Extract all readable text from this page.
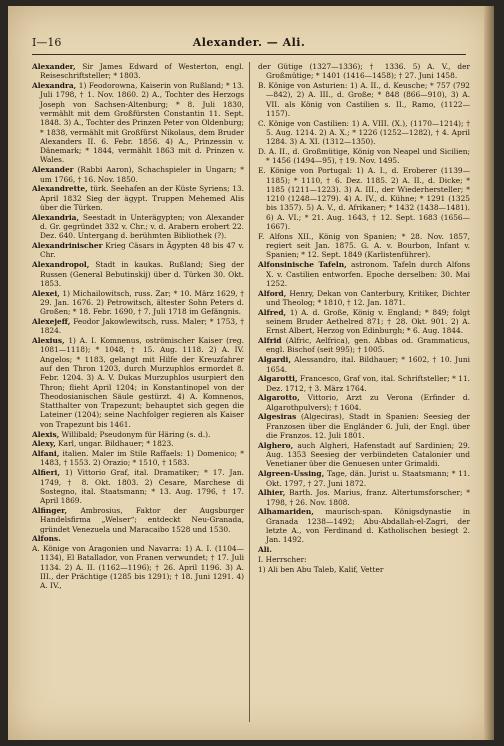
I—16	Alexander. — Ali.

Alexander, Sir James Edward of Westerton, engl. Reiseschriftsteller; * 1803.

Alexandra, 1) Feodorowna, Kaiserin von Rußland; * 13. Juli 1798, † 1. Nov. 1860. 2) A., Tochter des Herzogs Joseph von Sachsen-Altenburg; * 8. Juli 1830, vermählt mit dem Großfürsten Constantin 11. Sept. 1848. 3) A., Tochter des Prinzen Peter von Oldenburg; * 1838, vermählt mit Großfürst Nikolaus, dem Bruder Alexanders II. 6. Febr. 1856. 4) A., Prinzessin v. Dänemark; * 1844, vermählt 1863 mit d. Prinzen v. Wales.

Alexander (Rabbi Aaron), Schachspieler in Ungarn; * um 1766, † 16. Nov. 1850.

Alexandrette, türk. Seehafen an der Küste Syriens; 13. April 1832 Sieg der ägypt. Truppen Mehemed Alis über die Türken.

Alexandria, Seestadt in Unterägypten; von Alexander d. Gr. gegründet 332 v. Chr.; v. d. Arabern erobert 22. Dez. 640. Untergang d. berühmten Bibliothek (?).

Alexandrinischer Krieg Cäsars in Ägypten 48 bis 47 v. Chr.

Alexandropol, Stadt in kaukas. Rußland; Sieg der Russen (General Bebutinskij) über d. Türken 30. Okt. 1853.

Alexei, 1) Michailowitsch, russ. Zar; * 10. März 1629, † 29. Jan. 1676. 2) Petrowitsch, ältester Sohn Peters d. Großen; * 18. Febr. 1690, † 7. Juli 1718 im Gefängnis.

Alexejeff, Feodor Jakowlewitsch, russ. Maler; * 1753, † 1824.

Alexius, 1) A. I. Komnenus, oströmischer Kaiser (reg. 1081—1118); * 1048, † 15. Aug. 1118. 2) A. IV. Angelos; * 1183, gelangt mit Hilfe der Kreuzfahrer auf den Thron 1203, durch Murzuphlos ermordet 8. Febr. 1204. 3) A. V. Dukas Murzuphlos usurpiert den Thron; flieht April 1204; in Konstantinopel von der Theodosianischen Säule gestürzt. 4) A. Komnenos, Statthalter von Trapezunt; behauptet sich gegen die Lateiner (1204); seine Nachfolger regieren als Kaiser von Trapezunt bis 1461.

Alexis, Willibald; Pseudonym für Häring (s. d.).

Alexy, Karl, ungar. Bildhauer; * 1823.

Alfani, italien. Maler im Stile Raffaels: 1) Domenico; * 1483, † 1553. 2) Orazio; * 1510, † 1583.

Alfieri, 1) Vittorio Graf, ital. Dramatiker; * 17. Jan. 1749, † 8. Okt. 1803. 2) Cesare, Marchese di Sostegno, ital. Staatsmann; * 13. Aug. 1796, † 17. April 1869.

Alfinger, Ambrosius, Faktor der Augsburger Handelsfirma „Welser“; entdeckt Neu-Granada, gründet Venezuela und Maracaibo 1528 und 1530.

Alfons.

A. Könige von Aragonien und Navarra: 1) A. I. (1104—1134), El Batallador, von Franen verwundet; † 17. Juli 1134. 2) A. II. (1162—1196); † 26. April 1196. 3) A. III., der Prächtige (1285 bis 1291); † 18. Juni 1291. 4) A. IV.,

der Gütige (1327—1336); † 1336. 5) A. V., der Großmütige; * 1401 (1416—1458); † 27. Juni 1458.

B. Könige von Asturien: 1) A. II., d. Keusche; * 757 (792—842), 2) A. III., d. Große; * 848 (866—910), 3) A. VII. als König von Castilien s. II., Ramo, (1122—1157).

C. Könige von Castilien: 1) A. VIII. (X.), (1170—1214); † 5. Aug. 1214. 2) A. X.; * 1226 (1252—1282), † 4. April 1284. 3) A. XI. (1312—1350).

D. A. II., d. Großmütige, König von Neapel und Sicilien; * 1456 (1494—95), † 19. Nov. 1495.

E. Könige von Portugal: 1) A. I., d. Eroberer (1139—1185); * 1110, † 6. Dez. 1185. 2) A. II., d. Dicke; * 1185 (1211—1223). 3) A. III., der Wiederhersteller; * 1210 (1248—1279). 4) A. IV., d. Kühne; * 1291 (1325 bis 1357). 5) A. V., d. Afrikaner; * 1432 (1438—1481). 6) A. VI.; * 21. Aug. 1643, † 12. Sept. 1683 (1656—1667).

F. Alfons XII., König von Spanien; * 28. Nov. 1857, regiert seit Jan. 1875. G. A. v. Bourbon, Infant v. Spanien; * 12. Sept. 1849 (Karlistenführer).

Alfonsinische Tafeln, astronom. Tafeln durch Alfons X. v. Castilien entworfen. Epoche derselben: 30. Mai 1252.

Alford, Henry, Dekan von Canterbury, Kritiker, Dichter und Theolog; * 1810, † 12. Jan. 1871.

Alfred, 1) A. d. Große, König v. England; * 849; folgt seinem Bruder Aethelred 871; † 28. Okt. 901. 2) A. Ernst Albert, Herzog von Edinburgh; * 6. Aug. 1844.

Alfrid (Alfric, Aelfrica), gen. Abbas od. Grammaticus, engl. Bischof (seit 995); † 1005.

Algardi, Alessandro, ital. Bildhauer; * 1602, † 10. Juni 1654.

Algarotti, Francesco, Graf von, ital. Schriftsteller; * 11. Dez. 1712, † 3. März 1764.

Algarotto, Vittorio, Arzt zu Verona (Erfinder d. Algarothpulvers); † 1604.

Algesiras (Algeciras), Stadt in Spanien: Seesieg der Franzosen über die Engländer 6. Juli, der Engl. über die Franzos. 12. Juli 1801.

Alghero, auch Algheri, Hafenstadt auf Sardinien; 29. Aug. 1353 Seesieg der verbündeten Catalonier und Venetianer über die Genuesen unter Grimaldi.

Algreen-Ussing, Tage, dän. Jurist u. Staatsmann; * 11. Okt. 1797, † 27. Juni 1872.

Alhier, Barth. Jos. Marius, franz. Altertumsforscher; * 1798, † 26. Nov. 1808.

Alhamariden, maurisch-span. Königsdynastie in Granada 1238—1492; Abu-Abdallah-el-Zagri, der letzte A., von Ferdinand d. Katholischen besiegt 2. Jan. 1492.

Ali.

I. Herrscher:

1) Ali ben Abu Taleb, Kalif, Vetter
